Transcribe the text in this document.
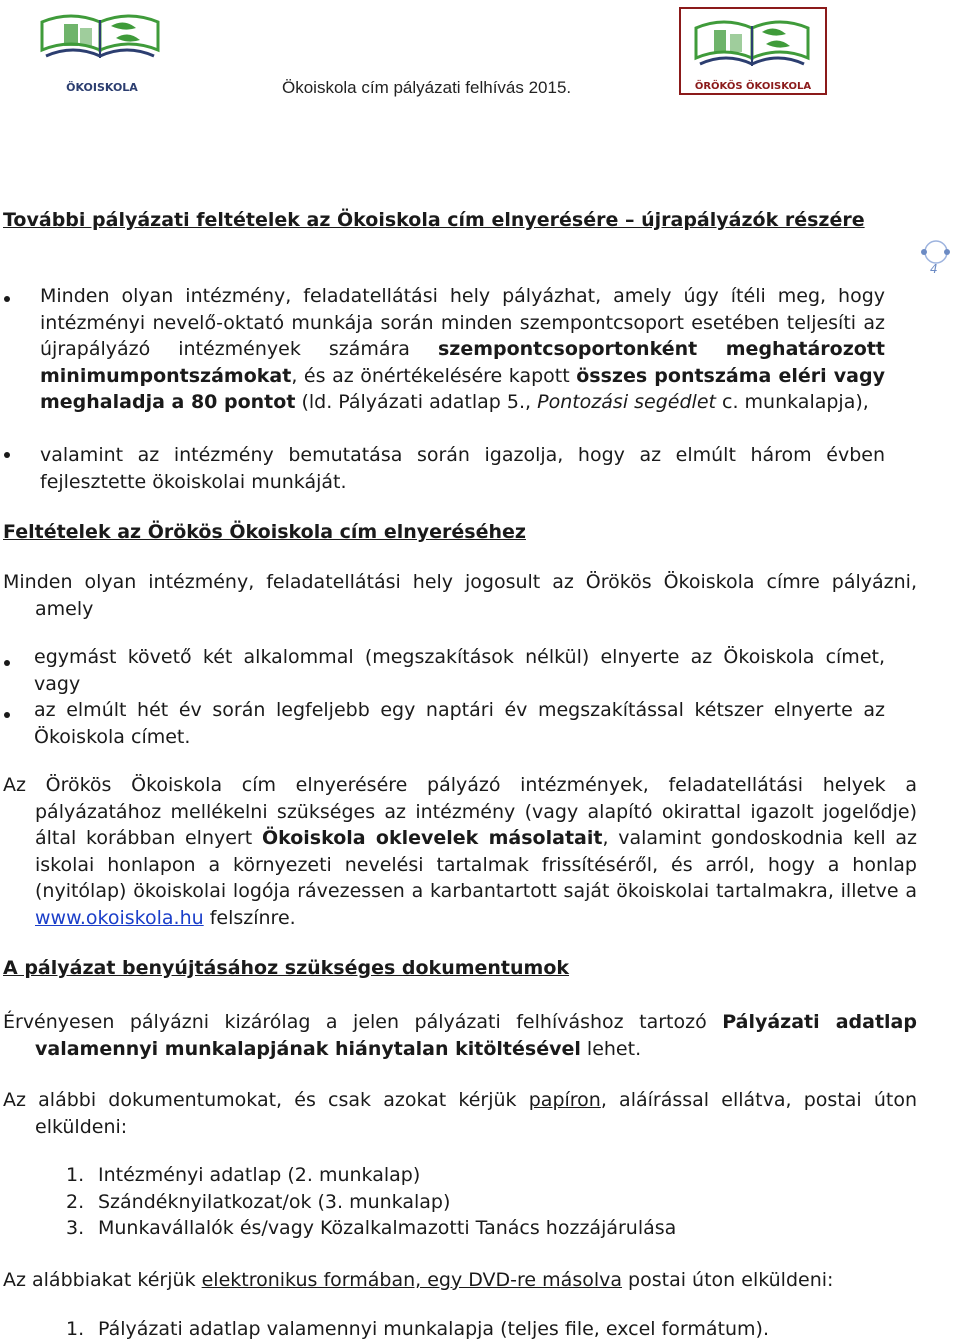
ÖKOISKOLA	Ökoiskola cím pályázati felhívás 2015.	ÖRÖKÖS ÖKOISKOLA
4
További pályázati feltételek az Ökoiskola cím elnyerésére – újrapályázók részére
Minden olyan intézmény, feladatellátási hely pályázhat, amely úgy ítéli meg, hogy intézményi nevelő-oktató munkája során minden szempontcsoport esetében teljesíti az újrapályázó intézmények számára szempontcsoportonként meghatározott minimumpontszámokat, és az önértékelésére kapott összes pontszáma eléri vagy meghaladja a 80 pontot (ld. Pályázati adatlap 5., Pontozási segédlet c. munkalapja),
valamint az intézmény bemutatása során igazolja, hogy az elmúlt három évben fejlesztette ökoiskolai munkáját.
Feltételek az Örökös Ökoiskola cím elnyeréséhez
Minden olyan intézmény, feladatellátási hely jogosult az Örökös Ökoiskola címre pályázni, amely
egymást követő két alkalommal (megszakítások nélkül) elnyerte az Ökoiskola címet, vagy
az elmúlt hét év során legfeljebb egy naptári év megszakítással kétszer elnyerte az Ökoiskola címet.
Az Örökös Ökoiskola cím elnyerésére pályázó intézmények, feladatellátási helyek a pályázatához mellékelni szükséges az intézmény (vagy alapító okirattal igazolt jogelődje) által korábban elnyert Ökoiskola oklevelek másolatait, valamint gondoskodnia kell az iskolai honlapon a környezeti nevelési tartalmak frissítéséről, és arról, hogy a honlap (nyitólap) ökoiskolai logója rávezessen a karbantartott saját ökoiskolai tartalmakra, illetve a www.okoiskola.hu felszínre.
A pályázat benyújtásához szükséges dokumentumok
Érvényesen pályázni kizárólag a jelen pályázati felhíváshoz tartozó Pályázati adatlap valamennyi munkalapjának hiánytalan kitöltésével lehet.
Az alábbi dokumentumokat, és csak azokat kérjük papíron, aláírással ellátva, postai úton elküldeni:
1. Intézményi adatlap (2. munkalap)
2. Szándéknyilatkozat/ok (3. munkalap)
3. Munkavállalók és/vagy Közalkalmazotti Tanács hozzájárulása
Az alábbiakat kérjük elektronikus formában, egy DVD-re másolva postai úton elküldeni:
1. Pályázati adatlap valamennyi munkalapja (teljes file, excel formátum).
